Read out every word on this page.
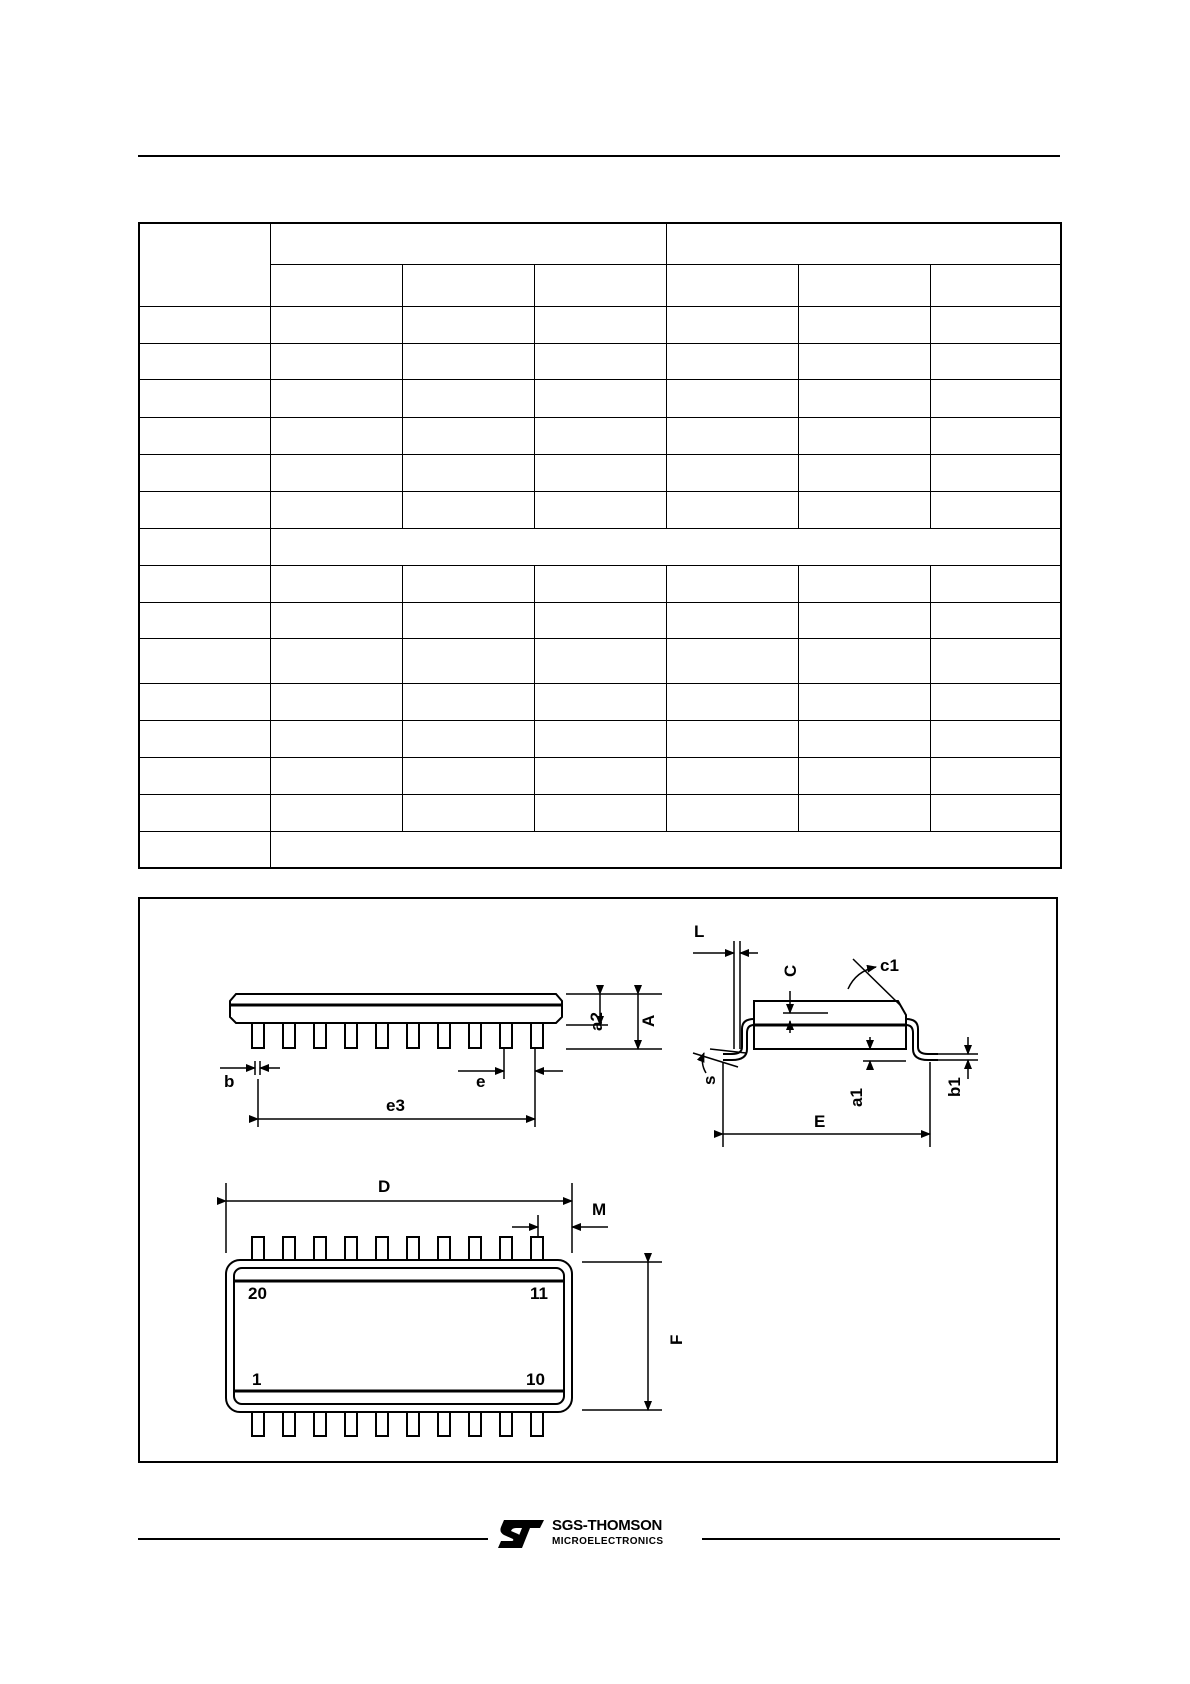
L
C	c1
a2 A
b	e
e3
s
a1
b1
E
D
M
F
20	11
1	10
SGS-THOMSON
MICROELECTRONICS
